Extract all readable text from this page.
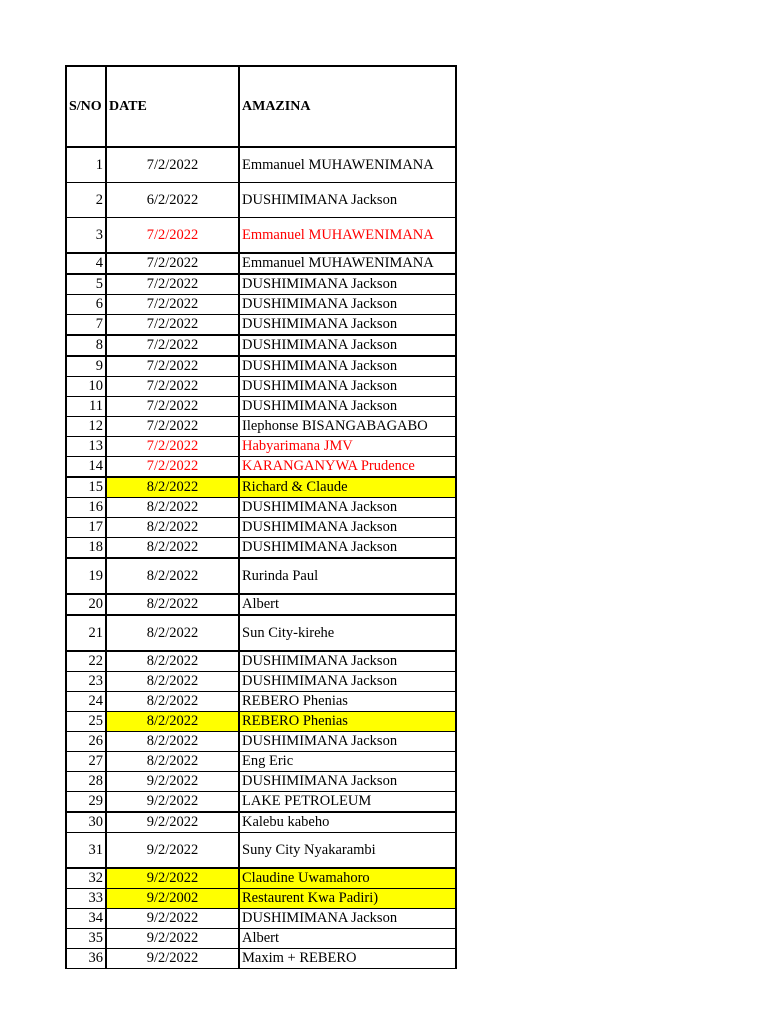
S/NO	DATE	AMAZINA
1	7/2/2022	Emmanuel MUHAWENIMANA
2	6/2/2022	DUSHIMIMANA Jackson
3	7/2/2022	Emmanuel MUHAWENIMANA
4	7/2/2022	Emmanuel MUHAWENIMANA
5	7/2/2022	DUSHIMIMANA Jackson
6	7/2/2022	DUSHIMIMANA Jackson
7	7/2/2022	DUSHIMIMANA Jackson
8	7/2/2022	DUSHIMIMANA Jackson
9	7/2/2022	DUSHIMIMANA Jackson
10	7/2/2022	DUSHIMIMANA Jackson
11	7/2/2022	DUSHIMIMANA Jackson
12	7/2/2022	Ilephonse BISANGABAGABO
13	7/2/2022	Habyarimana JMV
14	7/2/2022	KARANGANYWA Prudence
15	8/2/2022	Richard & Claude
16	8/2/2022	DUSHIMIMANA Jackson
17	8/2/2022	DUSHIMIMANA Jackson
18	8/2/2022	DUSHIMIMANA Jackson
19	8/2/2022	Rurinda Paul
20	8/2/2022	Albert
21	8/2/2022	Sun City-kirehe
22	8/2/2022	DUSHIMIMANA Jackson
23	8/2/2022	DUSHIMIMANA Jackson
24	8/2/2022	REBERO Phenias
25	8/2/2022	REBERO Phenias
26	8/2/2022	DUSHIMIMANA Jackson
27	8/2/2022	Eng Eric
28	9/2/2022	DUSHIMIMANA Jackson
29	9/2/2022	LAKE PETROLEUM
30	9/2/2022	Kalebu kabeho
31	9/2/2022	Suny City Nyakarambi
32	9/2/2022	Claudine Uwamahoro
33	9/2/2002	Restaurent Kwa Padiri)
34	9/2/2022	DUSHIMIMANA Jackson
35	9/2/2022	Albert
36	9/2/2022	Maxim + REBERO
